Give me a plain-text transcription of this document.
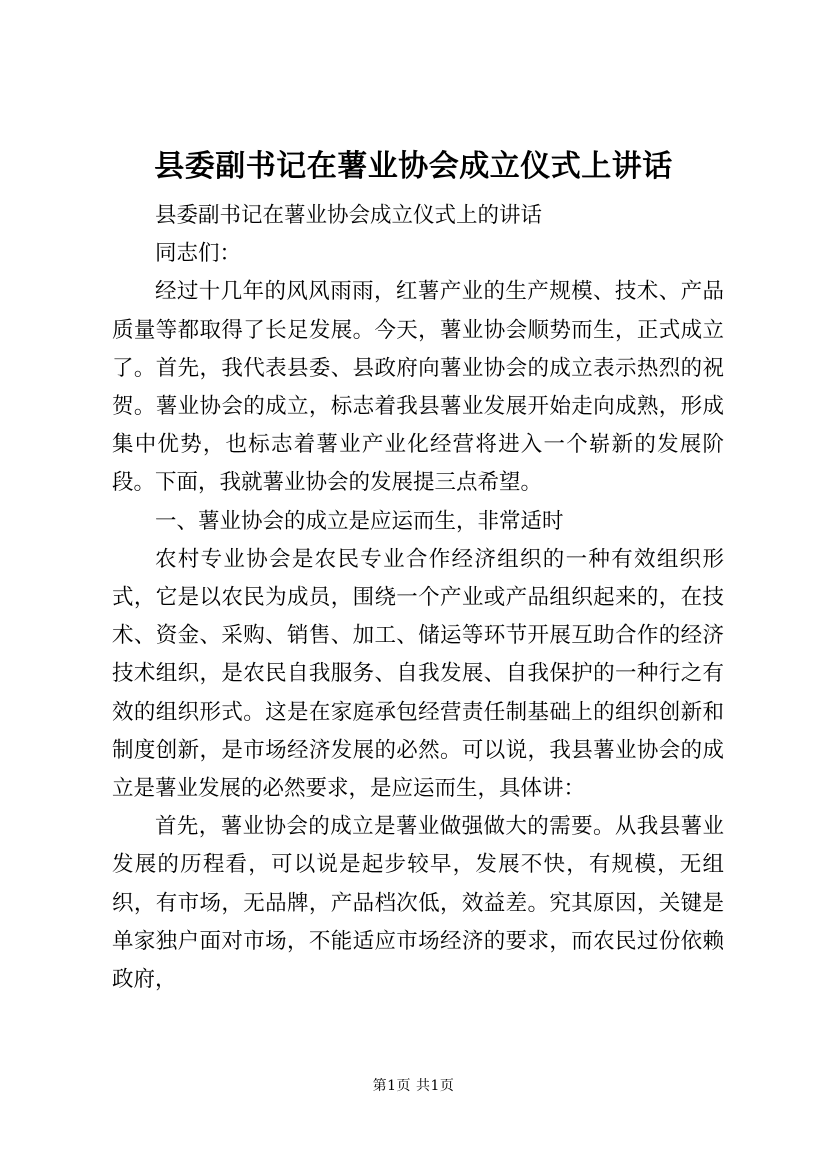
县委副书记在薯业协会成立仪式上讲话

县委副书记在薯业协会成立仪式上的讲话

同志们：

经过十几年的风风雨雨，红薯产业的生产规模、技术、产品质量等都取得了长足发展。今天，薯业协会顺势而生，正式成立了。首先，我代表县委、县政府向薯业协会的成立表示热烈的祝贺。薯业协会的成立，标志着我县薯业发展开始走向成熟，形成集中优势，也标志着薯业产业化经营将进入一个崭新的发展阶段。下面，我就薯业协会的发展提三点希望。

一、薯业协会的成立是应运而生，非常适时

农村专业协会是农民专业合作经济组织的一种有效组织形式，它是以农民为成员，围绕一个产业或产品组织起来的，在技术、资金、采购、销售、加工、储运等环节开展互助合作的经济技术组织，是农民自我服务、自我发展、自我保护的一种行之有效的组织形式。这是在家庭承包经营责任制基础上的组织创新和制度创新，是市场经济发展的必然。可以说，我县薯业协会的成立是薯业发展的必然要求，是应运而生，具体讲：

首先，薯业协会的成立是薯业做强做大的需要。从我县薯业发展的历程看，可以说是起步较早，发展不快，有规模，无组织，有市场，无品牌，产品档次低，效益差。究其原因，关键是单家独户面对市场，不能适应市场经济的要求，而农民过份依赖政府，

第1页 共1页
